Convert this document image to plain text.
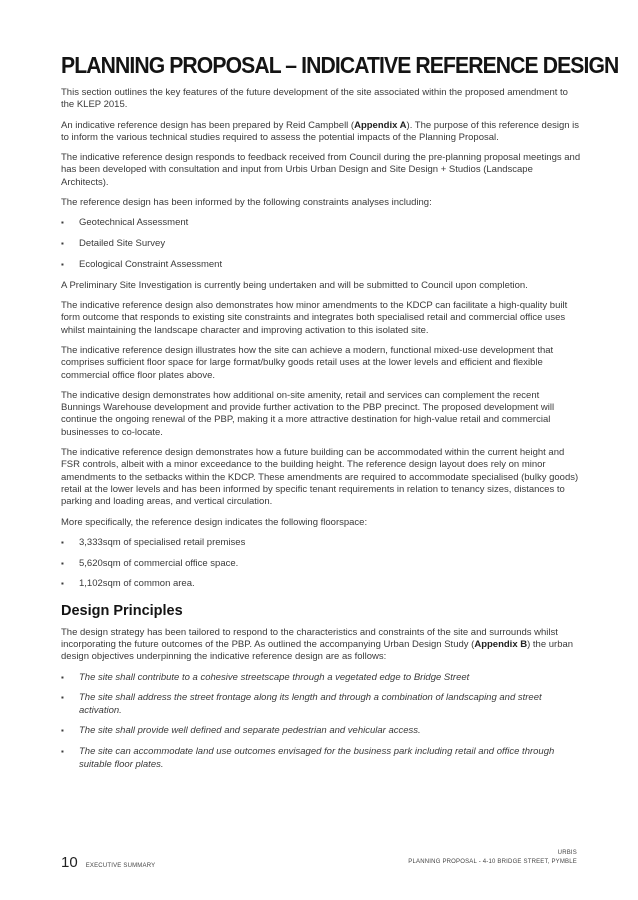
PLANNING PROPOSAL – INDICATIVE REFERENCE DESIGN

This section outlines the key features of the future development of the site associated within the proposed amendment to the KLEP 2015.

An indicative reference design has been prepared by Reid Campbell (Appendix A). The purpose of this reference design is to inform the various technical studies required to assess the potential impacts of the Planning Proposal.

The indicative reference design responds to feedback received from Council during the pre-planning proposal meetings and has been developed with consultation and input from Urbis Urban Design and Site Design + Studios (Landscape Architects).

The reference design has been informed by the following constraints analyses including:

▪ Geotechnical Assessment
▪ Detailed Site Survey
▪ Ecological Constraint Assessment

A Preliminary Site Investigation is currently being undertaken and will be submitted to Council upon completion.

The indicative reference design also demonstrates how minor amendments to the KDCP can facilitate a high-quality built form outcome that responds to existing site constraints and integrates both specialised retail and commercial office uses whilst maintaining the landscape character and improving activation to this isolated site.

The indicative reference design illustrates how the site can achieve a modern, functional mixed-use development that comprises sufficient floor space for large format/bulky goods retail uses at the lower levels and efficient and flexible commercial office floor plates above.

The indicative design demonstrates how additional on-site amenity, retail and services can complement the recent Bunnings Warehouse development and provide further activation to the PBP precinct. The proposed development will continue the ongoing renewal of the PBP, making it a more attractive destination for high-value retail and commercial businesses to co-locate.

The indicative reference design demonstrates how a future building can be accommodated within the current height and FSR controls, albeit with a minor exceedance to the building height. The reference design layout does rely on minor amendments to the setbacks within the KDCP. These amendments are required to accommodate specialised (bulky goods) retail at the lower levels and has been informed by specific tenant requirements in relation to tenancy sizes, distances to parking and loading areas, and vertical circulation.

More specifically, the reference design indicates the following floorspace:

▪ 3,333sqm of specialised retail premises
▪ 5,620sqm of commercial office space.
▪ 1,102sqm of common area.
Design Principles

The design strategy has been tailored to respond to the characteristics and constraints of the site and surrounds whilst incorporating the future outcomes of the PBP. As outlined the accompanying Urban Design Study (Appendix B) the urban design objectives underpinning the indicative reference design are as follows:

▪ The site shall contribute to a cohesive streetscape through a vegetated edge to Bridge Street
▪ The site shall address the street frontage along its length and through a combination of landscaping and street activation.
▪ The site shall provide well defined and separate pedestrian and vehicular access.
▪ The site can accommodate land use outcomes envisaged for the business park including retail and office through suitable floor plates.
10 EXECUTIVE SUMMARY
URBIS
PLANNING PROPOSAL - 4-10 BRIDGE STREET, PYMBLE
